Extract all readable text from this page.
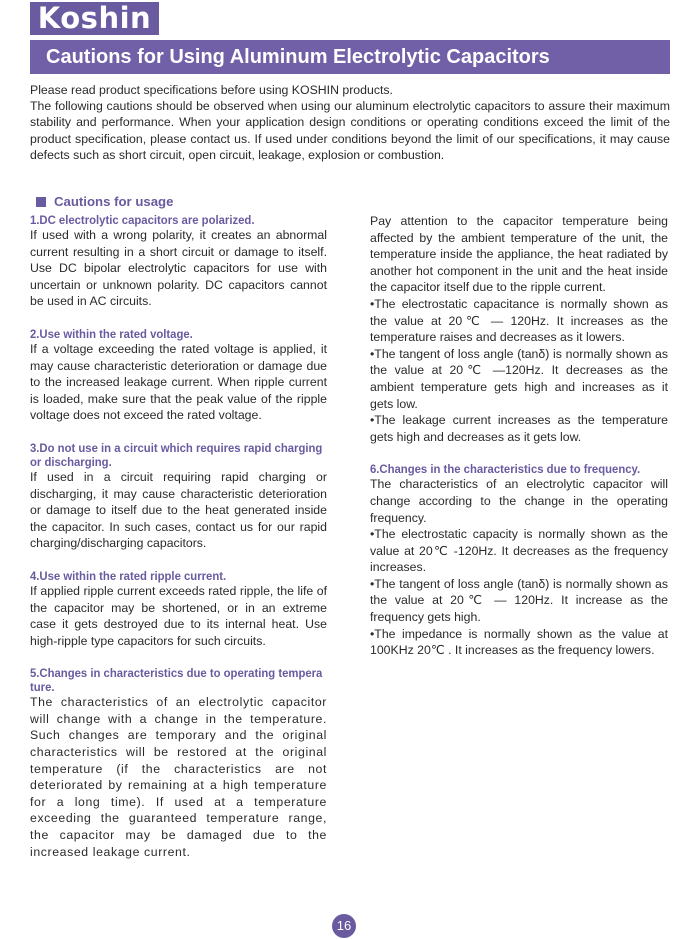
Koshin
Cautions for Using Aluminum Electrolytic Capacitors

Please read product specifications before using KOSHIN products.

The following cautions should be observed when using our aluminum electrolytic capacitors to assure their maximum stability and performance. When your application design conditions or operating conditions exceed the limit of the product specification, please contact us. If used under conditions beyond the limit of our specifications, it may cause defects such as short circuit, open circuit, leakage, explosion or combustion.

Cautions for usage

1.DC electrolytic capacitors are polarized.

If used with a wrong polarity, it creates an abnormal current resulting in a short circuit or damage to itself. Use DC bipolar electrolytic capacitors for use with uncertain or unknown polarity. DC capacitors cannot be used in AC circuits.

2.Use within the rated voltage.

If a voltage exceeding the rated voltage is applied, it may cause characteristic deterioration or damage due to the increased leakage current. When ripple current is loaded, make sure that the peak value of the ripple voltage does not exceed the rated voltage.

3.Do not use in a circuit which requires rapid charging

or discharging.

If used in a circuit requiring rapid charging or discharging, it may cause characteristic deterioration or damage to itself due to the heat generated inside the capacitor. In such cases, contact us for our rapid charging/discharging capacitors.

4.Use within the rated ripple current.

If applied ripple current exceeds rated ripple, the life of the capacitor may be shortened, or in an extreme case it gets destroyed due to its internal heat. Use high-ripple type capacitors for such circuits.

5.Changes in characteristics due to operating tempera

ture.

The characteristics of an electrolytic capacitor will change with a change in the temperature. Such changes are temporary and the original characteristics will be restored at the original temperature (if the characteristics are not deteriorated by remaining at a high temperature for a long time). If used at a temperature exceeding the guaranteed temperature range, the capacitor may be damaged due to the increased leakage current.

Pay attention to the capacitor temperature being affected by the ambient temperature of the unit, the temperature inside the appliance, the heat radiated by another hot component in the unit and the heat inside the capacitor itself due to the ripple current.

•The electrostatic capacitance is normally shown as the value at 20℃ — 120Hz. It increases as the temperature raises and decreases as it lowers.

•The tangent of loss angle (tanδ) is normally shown as the value at 20℃ —120Hz. It decreases as the ambient temperature gets high and increases as it gets low.

•The leakage current increases as the temperature gets high and decreases as it gets low.

6.Changes in the characteristics due to frequency.

The characteristics of an electrolytic capacitor will change according to the change in the operating frequency.

•The electrostatic capacity is normally shown as the value at 20℃ -120Hz. It decreases as the frequency increases.

•The tangent of loss angle (tanδ) is normally shown as the value at 20℃ — 120Hz. It increase as the frequency gets high.

•The impedance is normally shown as the value at 100KHz 20℃ . It increases as the frequency lowers.

16
